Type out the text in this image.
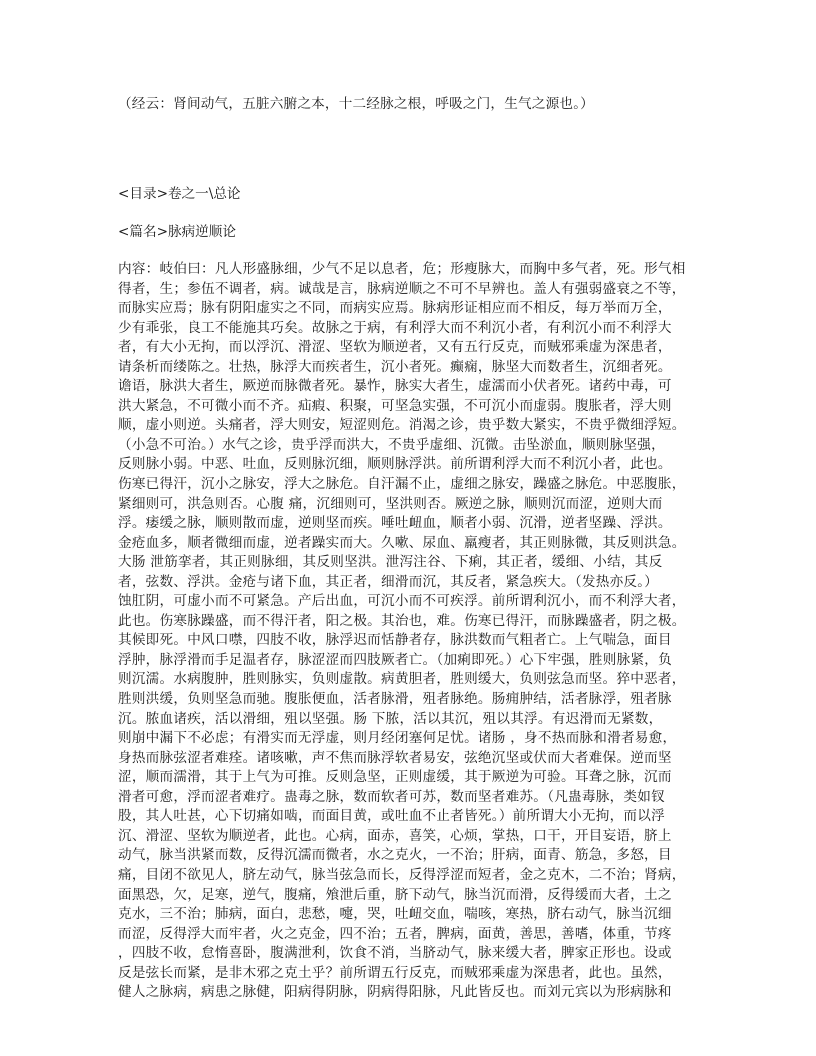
（经云：肾间动气，五脏六腑之本，十二经脉之根，呼吸之门，生气之源也。）
<目录>卷之一\总论
<篇名>脉病逆顺论
内容：岐伯曰：凡人形盛脉细，少气不足以息者，危；形瘦脉大，而胸中多气者，死。形气相
得者，生；参伍不调者，病。诚哉是言，脉病逆顺之不可不早辨也。盖人有强弱盛衰之不等，
而脉实应焉；脉有阴阳虚实之不同，而病实应焉。脉病形证相应而不相反，每万举而万全，
少有乖张，良工不能施其巧矣。故脉之于病，有利浮大而不利沉小者，有利沉小而不利浮大
者，有大小无拘，而以浮沉、滑涩、坚软为顺逆者，又有五行反克，而贼邪乘虚为深患者，
请条析而缕陈之。壮热，脉浮大而疾者生，沉小者死。癫痫，脉坚大而数者生，沉细者死。
谵语，脉洪大者生，厥逆而脉微者死。暴怍，脉实大者生，虚濡而小伏者死。诸药中毒，可
洪大紧急，不可微小而不齐。疝瘕、积聚，可坚急实强，不可沉小而虚弱。腹胀者，浮大则
顺，虚小则逆。头痛者，浮大则安，短涩则危。消渴之诊，贵乎数大紧实，不贵乎微细浮短。
（小急不可治。）水气之诊，贵乎浮而洪大，不贵乎虚细、沉微。击坠淤血，顺则脉坚强，
反则脉小弱。中恶、吐血，反则脉沉细，顺则脉浮洪。前所谓利浮大而不利沉小者，此也。
伤寒已得汗，沉小之脉安，浮大之脉危。自汗漏不止，虚细之脉安，躁盛之脉危。中恶腹胀，
紧细则可，洪急则否。心腹 痛，沉细则可，坚洪则否。厥逆之脉，顺则沉而涩，逆则大而
浮。痿缓之脉，顺则散而虚，逆则坚而疾。唾吐衄血，顺者小弱、沉滑，逆者坚躁、浮洪。
金疮血多，顺者微细而虚，逆者躁实而大。久嗽、尿血、羸瘦者，其正则脉微，其反则洪急。
大肠 泄筋挛者，其正则脉细，其反则坚洪。泄泻注谷、下痢，其正者，缓细、小结，其反
者，弦数、浮洪。金疮与诸下血，其正者，细滑而沉，其反者，紧急疾大。（发热亦反。）
蚀肛阴，可虚小而不可紧急。产后出血，可沉小而不可疾浮。前所谓利沉小，而不利浮大者，
此也。伤寒脉躁盛，而不得汗者，阳之极。其治也，难。伤寒已得汗，而脉躁盛者，阴之极。
其候即死。中风口噤，四肢不收，脉浮迟而恬静者存，脉洪数而气粗者亡。上气喘急，面目
浮肿，脉浮滑而手足温者存，脉涩涩而四肢厥者亡。（加痢即死。）心下牢强，胜则脉紧，负
则沉濡。水病腹肿，胜则脉实，负则虚散。病黄胆者，胜则缓大，负则弦急而坚。猝中恶者，
胜则洪缓，负则坚急而驰。腹胀便血，活者脉滑，殂者脉绝。肠痈肿结，活者脉浮，殂者脉
沉。脓血诸疾，活以滑细，殂以坚强。肠 下脓，活以其沉，殂以其浮。有迟滑而无紧数，
则崩中漏下不必虑；有滑实而无浮虚，则月经闭塞何足忧。诸肠 ，身不热而脉和滑者易愈，
身热而脉弦涩者难痊。诸咳嗽，声不焦而脉浮软者易安，弦绝沉坚或伏而大者难保。逆而坚
涩，顺而濡滑，其于上气为可推。反则急坚，正则虚缓，其于厥逆为可验。耳聋之脉，沉而
滑者可愈，浮而涩者难疗。蛊毒之脉，数而软者可苏，数而坚者难苏。（凡蛊毒脉，类如钗
股，其人吐甚，心下切痛如啮，而面目黄，或吐血不止者皆死。）前所谓大小无拘，而以浮
沉、滑涩、坚软为顺逆者，此也。心病，面赤，喜笑，心烦，掌热，口干，开目妄语，脐上
动气，脉当洪紧而数，反得沉濡而微者，水之克火，一不治；肝病，面青、筋急，多怒，目
痛，目闭不欲见人，脐左动气，脉当弦急而长，反得浮涩而短者，金之克木，二不治；肾病，
面黑恐，欠，足寒，逆气，腹痛，飧泄后重，脐下动气，脉当沉而滑，反得缓而大者，土之
克水，三不治；肺病，面白，悲愁，嚏，哭，吐衄交血，喘咳，寒热，脐右动气，脉当沉细
而涩，反得浮大而牢者，火之克金，四不治；五者，脾病，面黄，善思，善嗜，体重，节疼
，四肢不收，怠惰喜卧，腹满泄利，饮食不消，当脐动气，脉来缓大者，脾家正形也。设或
反是弦长而紧，是非木邪之克土乎？前所谓五行反克，而贼邪乘虚为深患者，此也。虽然，
健人之脉病，病患之脉健，阳病得阴脉，阴病得阳脉，凡此皆反也。而刘元宾以为形病脉和
